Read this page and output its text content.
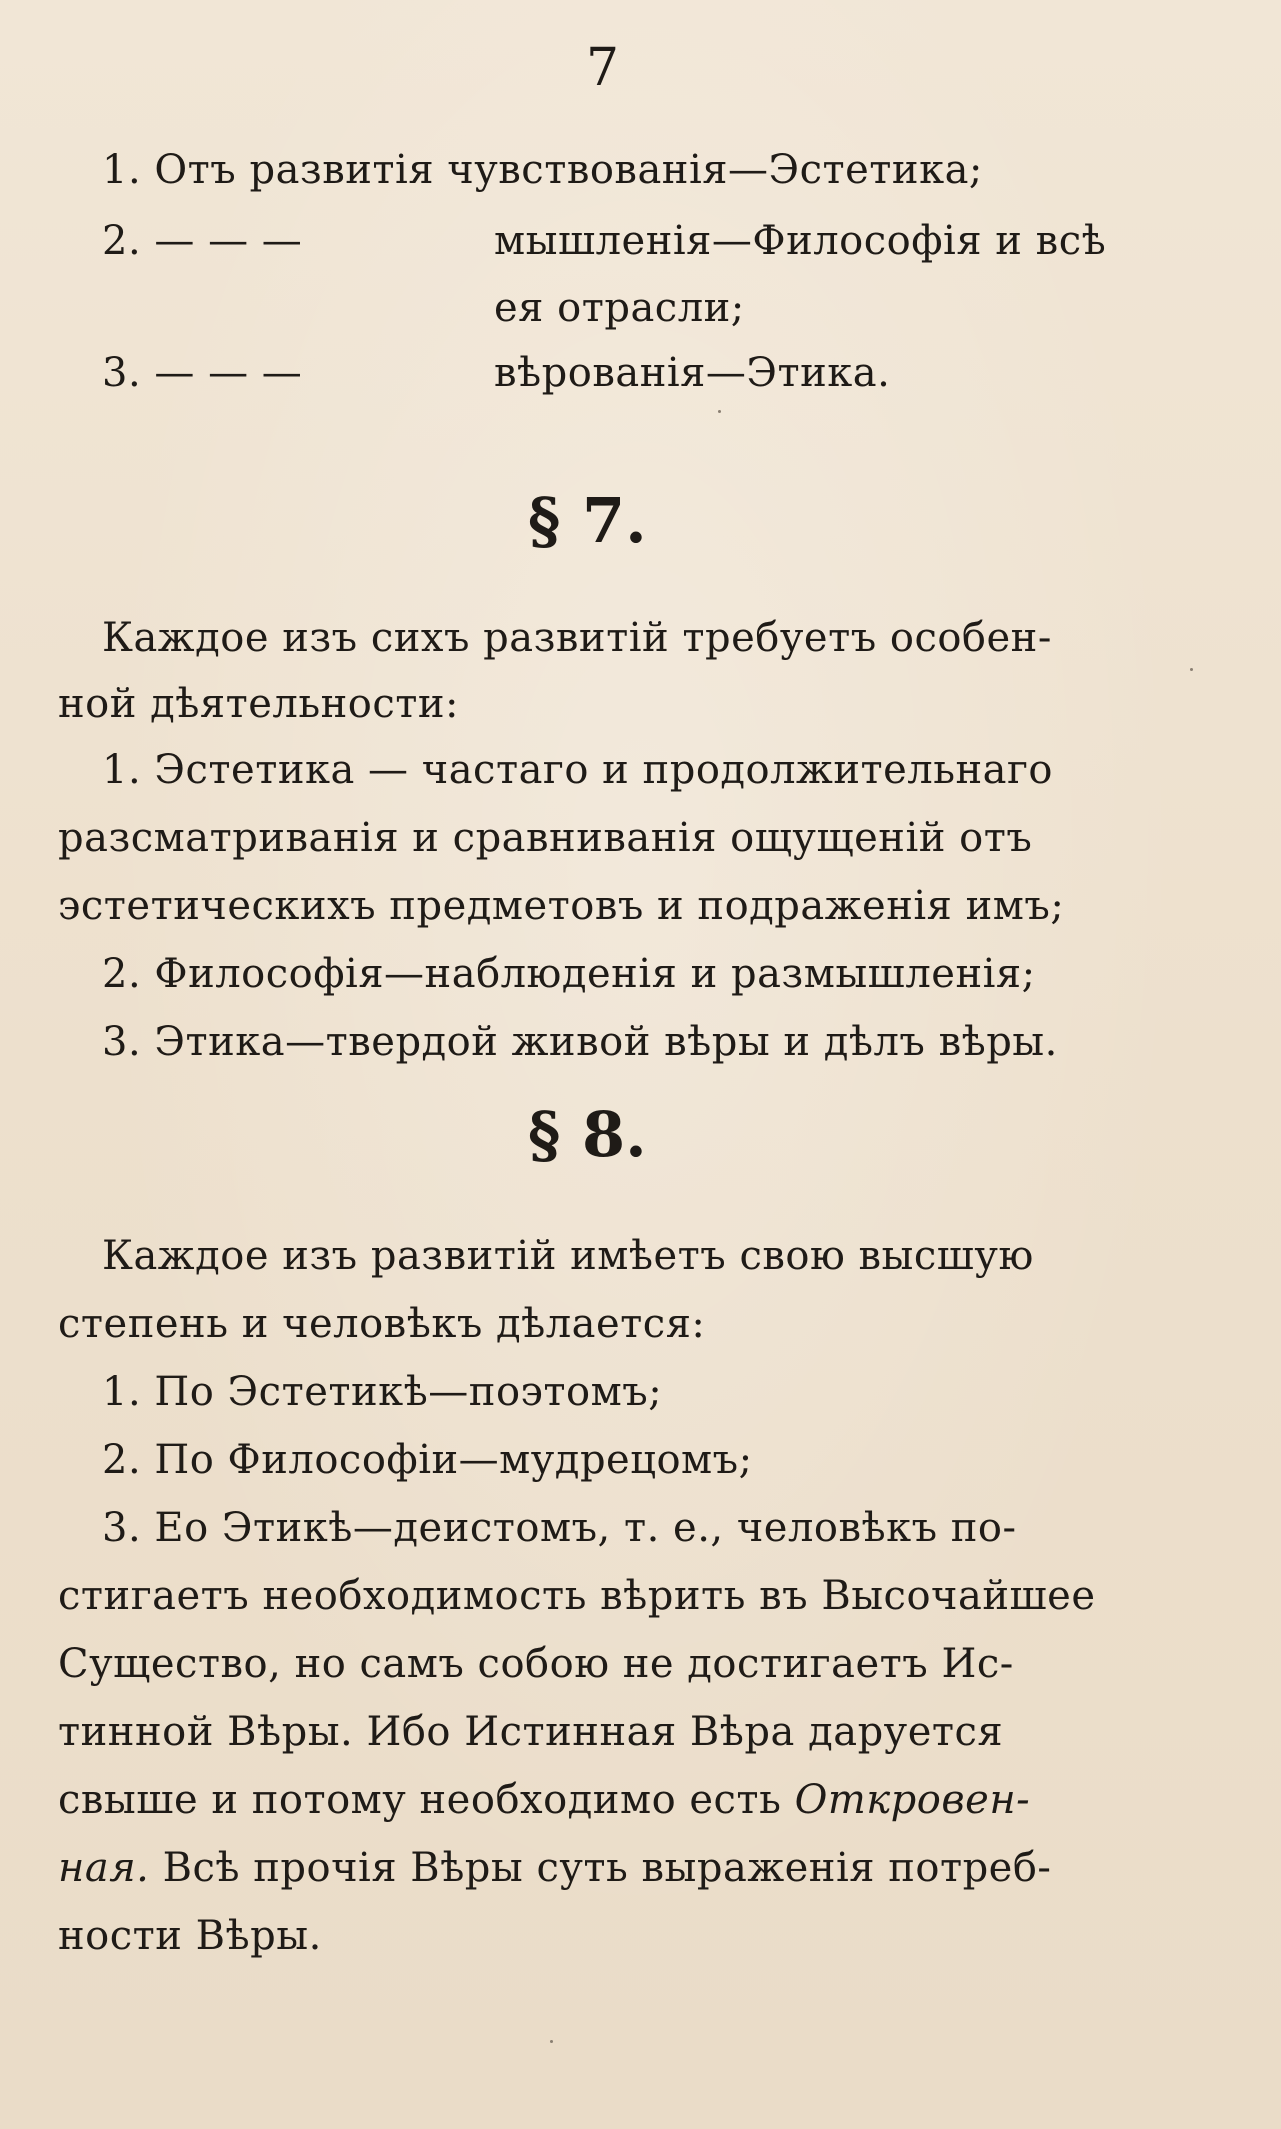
7
1. Отъ развитія чувствованія—Эстетика;
2. — — —	мышленія—Философія и всѣ
ея отрасли;
3. — — —	вѣрованія—Этика.
§ 7.
Каждое изъ сихъ развитій требуетъ особен-
ной дѣятельности:
1. Эстетика — частаго и продолжительнаго
разсматриванія и сравниванія ощущеній отъ
эстетическихъ предметовъ и подраженія имъ;
2. Философія—наблюденія и размышленія;
3. Этика—твердой живой вѣры и дѣлъ вѣры.
§ 8.
Каждое изъ развитій имѣетъ свою высшую
степень и человѣкъ дѣлается:
1. По Эстетикѣ—поэтомъ;
2. По Философіи—мудрецомъ;
3. Ео Этикѣ—деистомъ, т. е., человѣкъ по-
стигаетъ необходимость вѣрить въ Высочайшее
Существо, но самъ собою не достигаетъ Ис-
тинной Вѣры. Ибо Истинная Вѣра даруется
свыше и потому необходимо есть Откровен-
ная. Всѣ прочія Вѣры суть выраженія потреб-
ности Вѣры.
